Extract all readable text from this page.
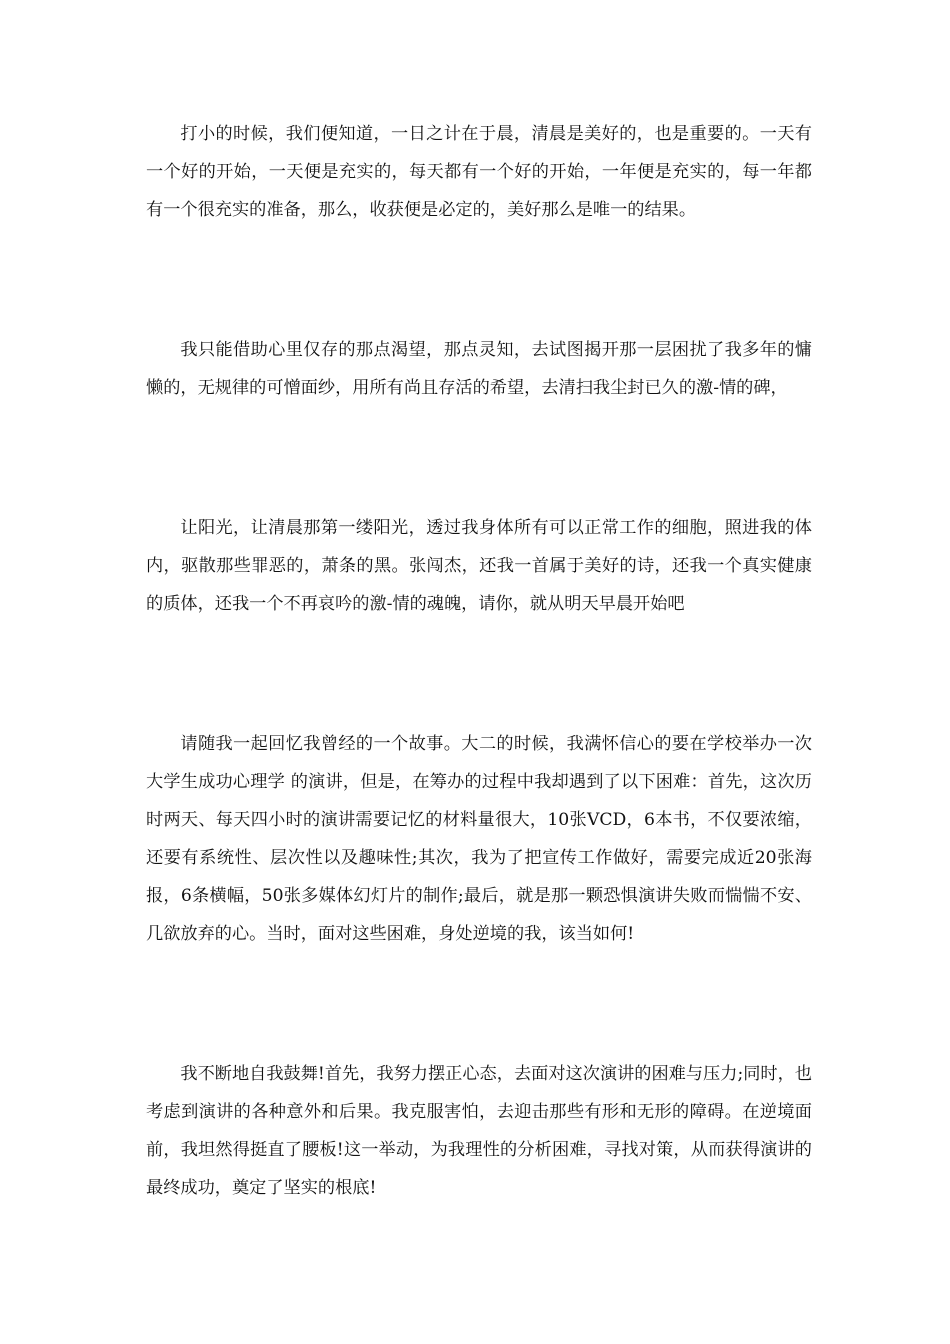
打小的时候，我们便知道，一日之计在于晨，清晨是美好的，也是重要的。一天有一个好的开始，一天便是充实的，每天都有一个好的开始，一年便是充实的，每一年都有一个很充实的准备，那么，收获便是必定的，美好那么是唯一的结果。

我只能借助心里仅存的那点渴望，那点灵知，去试图揭开那一层困扰了我多年的慵懒的，无规律的可憎面纱，用所有尚且存活的希望，去清扫我尘封已久的激-情的碑，

让阳光，让清晨那第一缕阳光，透过我身体所有可以正常工作的细胞，照进我的体内，驱散那些罪恶的，萧条的黑。张闯杰，还我一首属于美好的诗，还我一个真实健康的质体，还我一个不再哀吟的激-情的魂魄，请你，就从明天早晨开始吧

请随我一起回忆我曾经的一个故事。大二的时候，我满怀信心的要在学校举办一次 大学生成功心理学 的演讲，但是，在筹办的过程中我却遇到了以下困难：首先，这次历时两天、每天四小时的演讲需要记忆的材料量很大，10张VCD，6本书，不仅要浓缩，还要有系统性、层次性以及趣味性;其次，我为了把宣传工作做好，需要完成近20张海报，6条横幅，50张多媒体幻灯片的制作;最后，就是那一颗恐惧演讲失败而惴惴不安、几欲放弃的心。当时，面对这些困难，身处逆境的我，该当如何!

我不断地自我鼓舞!首先，我努力摆正心态，去面对这次演讲的困难与压力;同时，也考虑到演讲的各种意外和后果。我克服害怕，去迎击那些有形和无形的障碍。在逆境面前，我坦然得挺直了腰板!这一举动，为我理性的分析困难，寻找对策，从而获得演讲的最终成功，奠定了坚实的根底!
